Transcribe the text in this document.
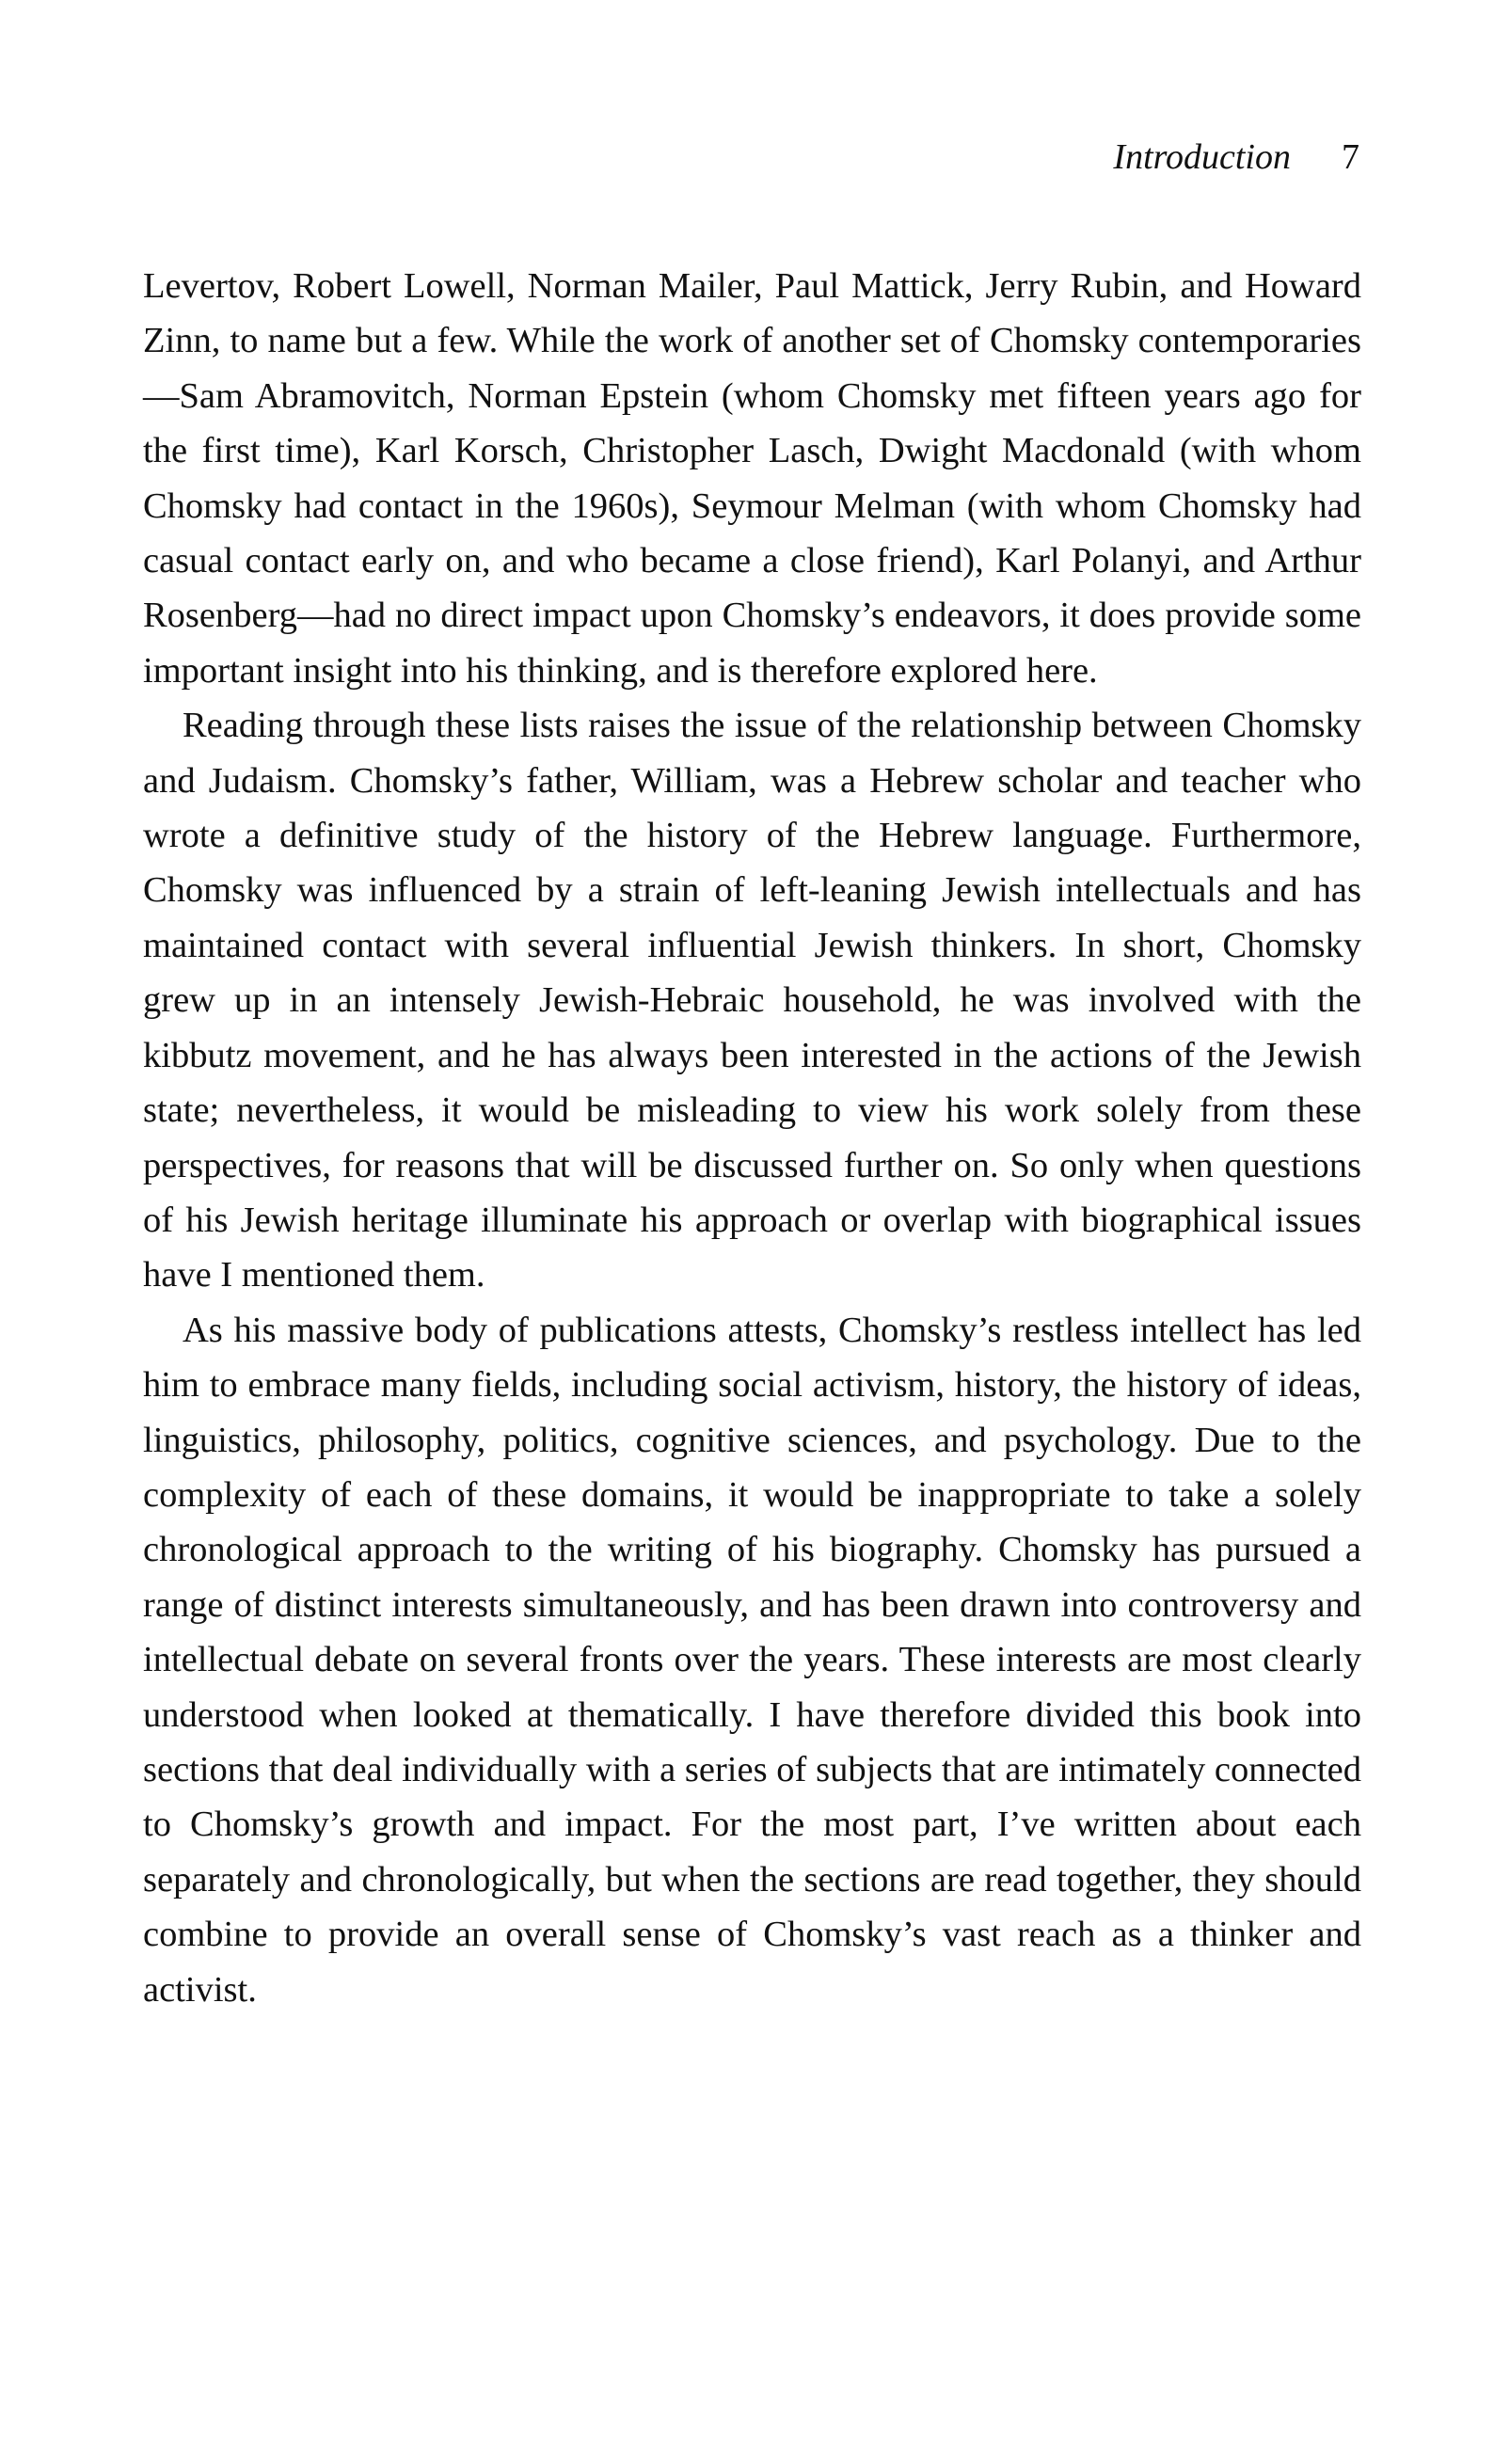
Introduction 7

Levertov, Robert Lowell, Norman Mailer, Paul Mattick, Jerry Rubin, and Howard Zinn, to name but a few. While the work of another set of Chomsky contemporaries—Sam Abramovitch, Norman Epstein (whom Chomsky met fifteen years ago for the first time), Karl Korsch, Christopher Lasch, Dwight Macdonald (with whom Chomsky had contact in the 1960s), Seymour Melman (with whom Chomsky had casual contact early on, and who became a close friend), Karl Polanyi, and Arthur Rosenberg—had no direct impact upon Chomsky’s endeavors, it does provide some important insight into his thinking, and is therefore explored here.

Reading through these lists raises the issue of the relationship between Chomsky and Judaism. Chomsky’s father, William, was a Hebrew scholar and teacher who wrote a definitive study of the history of the Hebrew language. Furthermore, Chomsky was influenced by a strain of left-leaning Jewish intellectuals and has maintained contact with several influential Jewish thinkers. In short, Chomsky grew up in an intensely Jewish-Hebraic household, he was involved with the kibbutz movement, and he has always been interested in the actions of the Jewish state; nevertheless, it would be misleading to view his work solely from these perspectives, for reasons that will be discussed further on. So only when questions of his Jewish heritage illuminate his approach or overlap with biographical issues have I mentioned them.

As his massive body of publications attests, Chomsky’s restless intellect has led him to embrace many fields, including social activism, history, the history of ideas, linguistics, philosophy, politics, cognitive sciences, and psychology. Due to the complexity of each of these domains, it would be inappropriate to take a solely chronological approach to the writing of his biography. Chomsky has pursued a range of distinct interests simultaneously, and has been drawn into controversy and intellectual debate on several fronts over the years. These interests are most clearly understood when looked at thematically. I have therefore divided this book into sections that deal individually with a series of subjects that are intimately connected to Chomsky’s growth and impact. For the most part, I’ve written about each separately and chronologically, but when the sections are read together, they should combine to provide an overall sense of Chomsky’s vast reach as a thinker and activist.
